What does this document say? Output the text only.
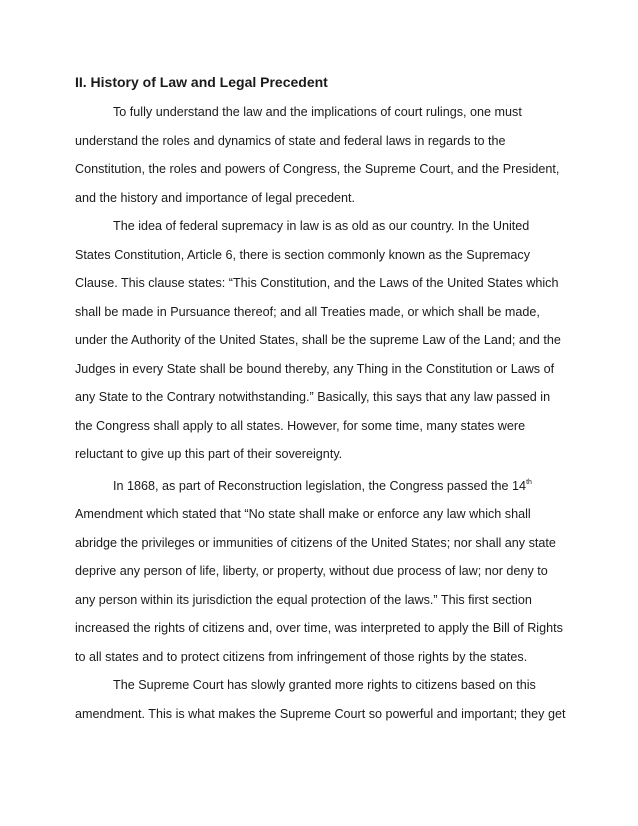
II. History of Law and Legal Precedent

To fully understand the law and the implications of court rulings, one must
understand the roles and dynamics of state and federal laws in regards to the
Constitution, the roles and powers of Congress, the Supreme Court, and the President,
and the history and importance of legal precedent.

The idea of federal supremacy in law is as old as our country. In the United
States Constitution, Article 6, there is section commonly known as the Supremacy
Clause. This clause states: “This Constitution, and the Laws of the United States which
shall be made in Pursuance thereof; and all Treaties made, or which shall be made,
under the Authority of the United States, shall be the supreme Law of the Land; and the
Judges in every State shall be bound thereby, any Thing in the Constitution or Laws of
any State to the Contrary notwithstanding.” Basically, this says that any law passed in
the Congress shall apply to all states. However, for some time, many states were
reluctant to give up this part of their sovereignty.

In 1868, as part of Reconstruction legislation, the Congress passed the 14th
Amendment which stated that “No state shall make or enforce any law which shall
abridge the privileges or immunities of citizens of the United States; nor shall any state
deprive any person of life, liberty, or property, without due process of law; nor deny to
any person within its jurisdiction the equal protection of the laws.” This first section
increased the rights of citizens and, over time, was interpreted to apply the Bill of Rights
to all states and to protect citizens from infringement of those rights by the states.

The Supreme Court has slowly granted more rights to citizens based on this
amendment. This is what makes the Supreme Court so powerful and important; they get
